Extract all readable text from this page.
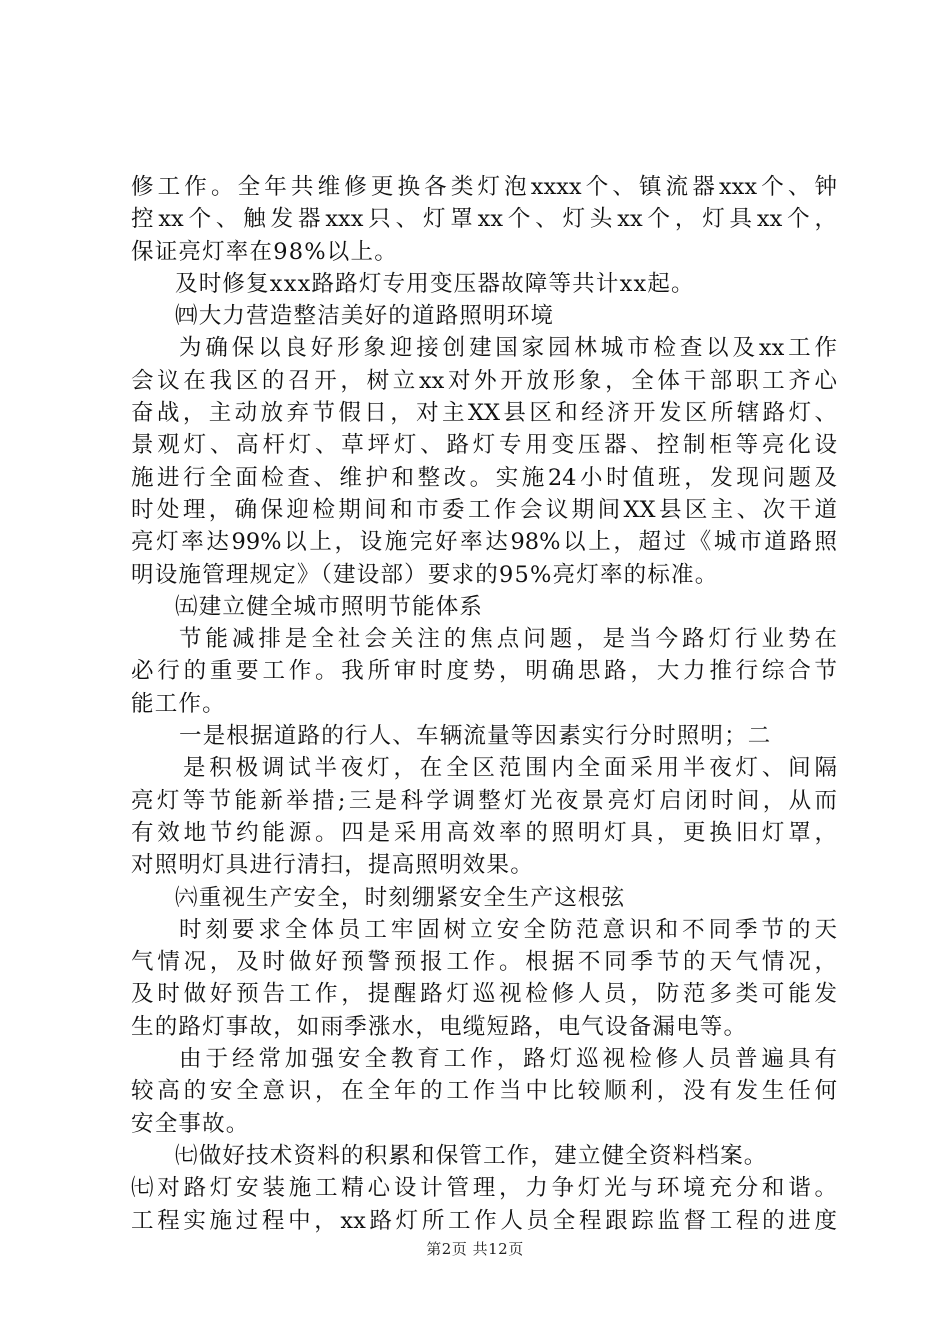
修工作。全年共维修更换各类灯泡xxxx个、镇流器xxx个、钟
控xx个、触发器xxx只、灯罩xx个、灯头xx个，灯具xx个，
保证亮灯率在98%以上。
及时修复xxx路路灯专用变压器故障等共计xx起。
㈣大力营造整洁美好的道路照明环境
为确保以良好形象迎接创建国家园林城市检查以及xx工作
会议在我区的召开，树立xx对外开放形象，全体干部职工齐心
奋战，主动放弃节假日，对主XX县区和经济开发区所辖路灯、
景观灯、高杆灯、草坪灯、路灯专用变压器、控制柜等亮化设
施进行全面检查、维护和整改。实施24小时值班，发现问题及
时处理，确保迎检期间和市委工作会议期间XX县区主、次干道
亮灯率达99%以上，设施完好率达98%以上，超过《城市道路照
明设施管理规定》（建设部）要求的95%亮灯率的标准。
㈤建立健全城市照明节能体系
节能减排是全社会关注的焦点问题，是当今路灯行业势在
必行的重要工作。我所审时度势，明确思路，大力推行综合节
能工作。
一是根据道路的行人、车辆流量等因素实行分时照明；二
是积极调试半夜灯，在全区范围内全面采用半夜灯、间隔
亮灯等节能新举措;三是科学调整灯光夜景亮灯启闭时间，从而
有效地节约能源。四是采用高效率的照明灯具，更换旧灯罩，
对照明灯具进行清扫，提高照明效果。
㈥重视生产安全，时刻绷紧安全生产这根弦
时刻要求全体员工牢固树立安全防范意识和不同季节的天
气情况，及时做好预警预报工作。根据不同季节的天气情况，
及时做好预告工作，提醒路灯巡视检修人员，防范多类可能发
生的路灯事故，如雨季涨水，电缆短路，电气设备漏电等。
由于经常加强安全教育工作，路灯巡视检修人员普遍具有
较高的安全意识，在全年的工作当中比较顺利，没有发生任何
安全事故。
㈦做好技术资料的积累和保管工作，建立健全资料档案。
㈦对路灯安装施工精心设计管理，力争灯光与环境充分和谐。
工程实施过程中，xx路灯所工作人员全程跟踪监督工程的进度
第2页 共12页
